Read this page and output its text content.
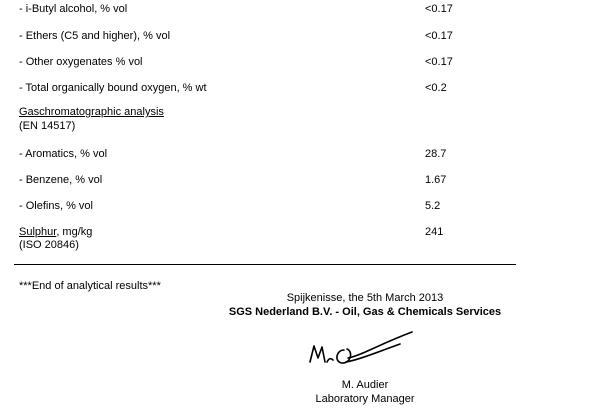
- i-Butyl alcohol, % vol	<0.17
- Ethers (C5 and higher), % vol	<0.17
- Other oxygenates % vol	<0.17
- Total organically bound oxygen, % wt	<0.2
Gaschromatographic analysis
(EN 14517)
- Aromatics, % vol	28.7
- Benzene, % vol	1.67
- Olefins, % vol	5.2
Sulphur, mg/kg	241
(ISO 20846)
***End of analytical results***
Spijkenisse, the 5th March 2013
SGS Nederland B.V. - Oil, Gas & Chemicals Services
M. Audier
Laboratory Manager
